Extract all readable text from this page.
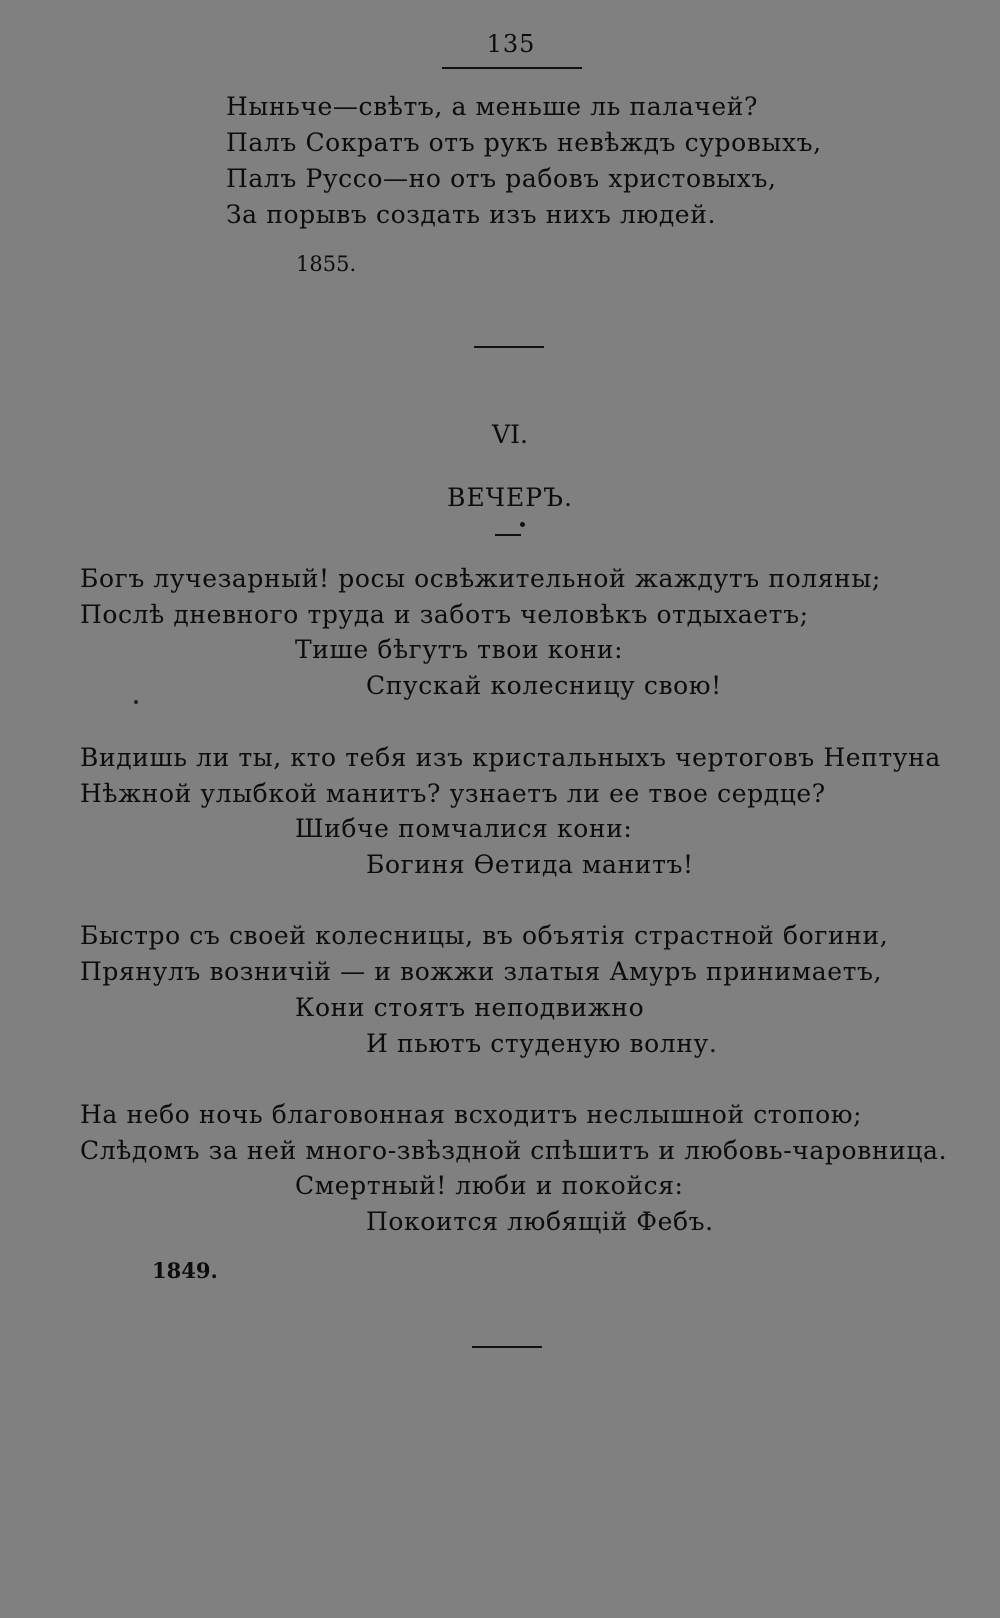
135
Ныньче—свѣтъ, а меньше ль палачей?
Палъ Сократъ отъ рукъ невѣждъ суровыхъ,
Палъ Руссо—но отъ рабовъ христовыхъ,
За порывъ создать изъ нихъ людей.
1855.
VI.
ВЕЧЕРЪ.
Богъ лучезарный! росы освѣжительной жаждутъ поляны;
Послѣ дневного труда и заботъ человѣкъ отдыхаетъ;
Тише бѣгутъ твои кони:
Спускай колесницу свою!
Видишь ли ты, кто тебя изъ кристальныхъ чертоговъ Нептуна
Нѣжной улыбкой манитъ? узнаетъ ли ее твое сердце?
Шибче помчалися кони:
Богиня Өетида манитъ!
Быстро съ своей колесницы, въ объятія страстной богини,
Прянулъ возничій — и вожжи златыя Амуръ принимаетъ,
Кони стоятъ неподвижно
И пьютъ студеную волну.
На небо ночь благовонная всходитъ неслышной стопою;
Слѣдомъ за ней много-звѣздной спѣшитъ и любовь-чаровница.
Смертный! люби и покойся:
Покоится любящій Фебъ.
1849.
